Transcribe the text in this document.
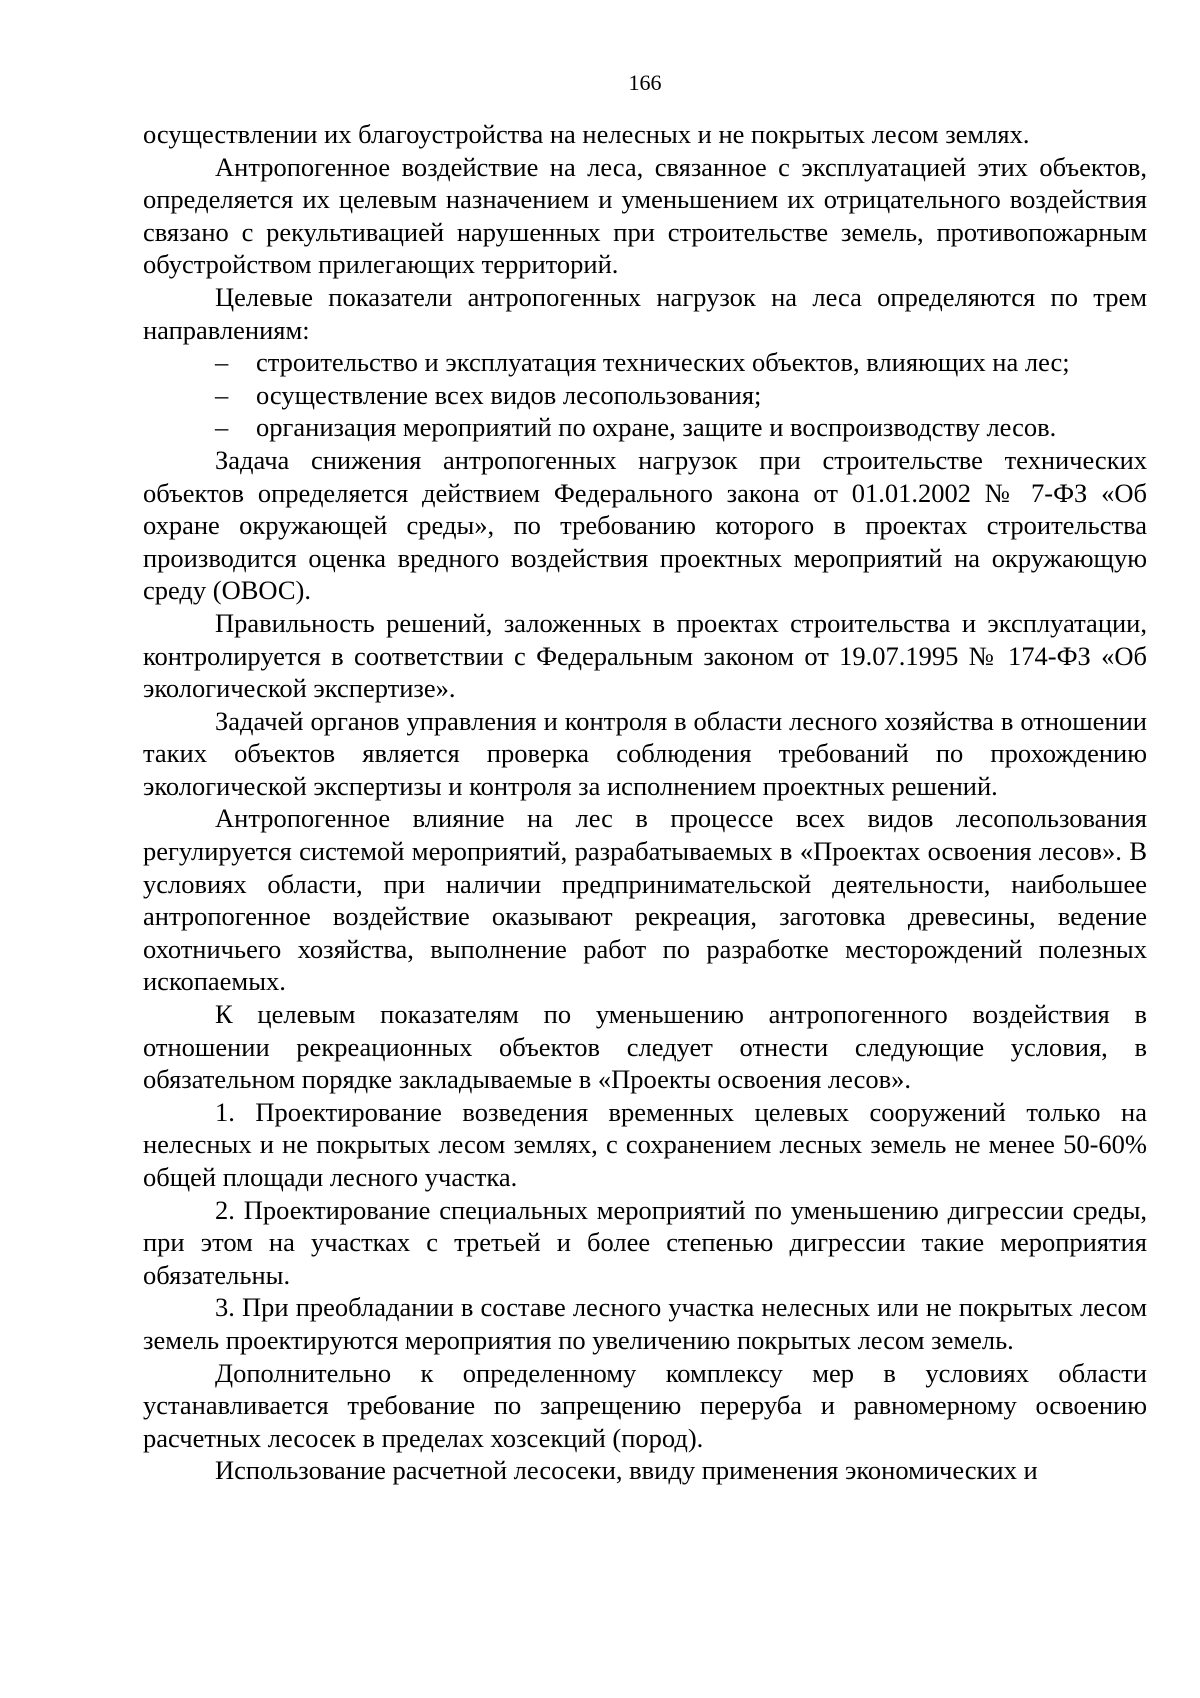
166

осуществлении их благоустройства на нелесных и не покрытых лесом землях.

Антропогенное воздействие на леса, связанное с эксплуатацией этих объектов, определяется их целевым назначением и уменьшением их отрицательного воздействия связано с рекультивацией нарушенных при строительстве земель, противопожарным обустройством прилегающих территорий.

Целевые показатели антропогенных нагрузок на леса определяются по трем направлениям:

– строительство и эксплуатация технических объектов, влияющих на лес;
– осуществление всех видов лесопользования;
– организация мероприятий по охране, защите и воспроизводству лесов.

Задача снижения антропогенных нагрузок при строительстве технических объектов определяется действием Федерального закона от 01.01.2002 № 7-ФЗ «Об охране окружающей среды», по требованию которого в проектах строительства производится оценка вредного воздействия проектных мероприятий на окружающую среду (ОВОС).

Правильность решений, заложенных в проектах строительства и эксплуатации, контролируется в соответствии с Федеральным законом от 19.07.1995 № 174-ФЗ «Об экологической экспертизе».

Задачей органов управления и контроля в области лесного хозяйства в отношении таких объектов является проверка соблюдения требований по прохождению экологической экспертизы и контроля за исполнением проектных решений.

Антропогенное влияние на лес в процессе всех видов лесопользования регулируется системой мероприятий, разрабатываемых в «Проектах освоения лесов». В условиях области, при наличии предпринимательской деятельности, наибольшее антропогенное воздействие оказывают рекреация, заготовка древесины, ведение охотничьего хозяйства, выполнение работ по разработке месторождений полезных ископаемых.

К целевым показателям по уменьшению антропогенного воздействия в отношении рекреационных объектов следует отнести следующие условия, в обязательном порядке закладываемые в «Проекты освоения лесов».

1. Проектирование возведения временных целевых сооружений только на нелесных и не покрытых лесом землях, с сохранением лесных земель не менее 50-60% общей площади лесного участка.

2. Проектирование специальных мероприятий по уменьшению дигрессии среды, при этом на участках с третьей и более степенью дигрессии такие мероприятия обязательны.

3. При преобладании в составе лесного участка нелесных или не покрытых лесом земель проектируются мероприятия по увеличению покрытых лесом земель.

Дополнительно к определенному комплексу мер в условиях области устанавливается требование по запрещению переруба и равномерному освоению расчетных лесосек в пределах хозсекций (пород).

Использование расчетной лесосеки, ввиду применения экономических и
